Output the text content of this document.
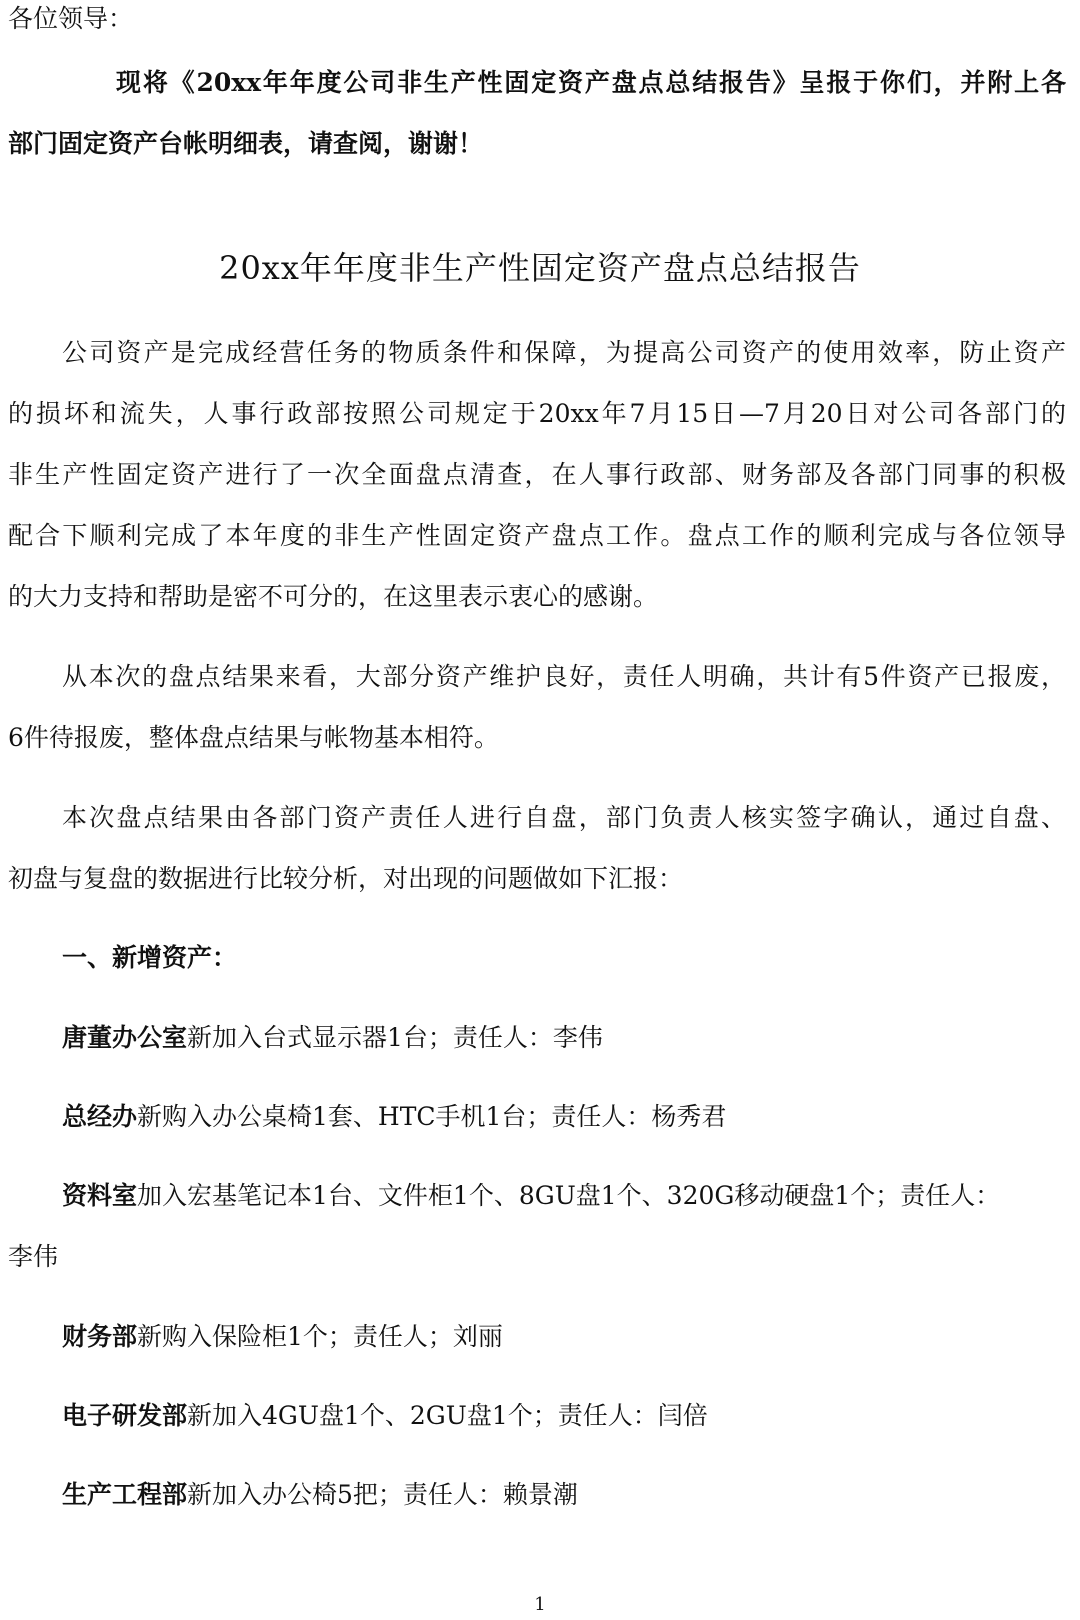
各位领导：
现将《20xx年年度公司非生产性固定资产盘点总结报告》呈报于你们，并附上各
部门固定资产台帐明细表，请查阅，谢谢！
20xx年年度非生产性固定资产盘点总结报告
公司资产是完成经营任务的物质条件和保障，为提高公司资产的使用效率，防止资产
的损坏和流失，人事行政部按照公司规定于20xx年7月15日—7月20日对公司各部门的
非生产性固定资产进行了一次全面盘点清查，在人事行政部、财务部及各部门同事的积极
配合下顺利完成了本年度的非生产性固定资产盘点工作。盘点工作的顺利完成与各位领导
的大力支持和帮助是密不可分的，在这里表示衷心的感谢。
从本次的盘点结果来看，大部分资产维护良好，责任人明确，共计有5件资产已报废，
6件待报废，整体盘点结果与帐物基本相符。
本次盘点结果由各部门资产责任人进行自盘，部门负责人核实签字确认，通过自盘、
初盘与复盘的数据进行比较分析，对出现的问题做如下汇报：
一、新增资产：
唐董办公室新加入台式显示器1台；责任人：李伟
总经办新购入办公桌椅1套、HTC手机1台；责任人：杨秀君
资料室加入宏基笔记本1台、文件柜1个、8GU盘1个、320G移动硬盘1个；责任人：
李伟
财务部新购入保险柜1个；责任人；刘丽
电子研发部新加入4GU盘1个、2GU盘1个；责任人：闫倍
生产工程部新加入办公椅5把；责任人：赖景潮
1
